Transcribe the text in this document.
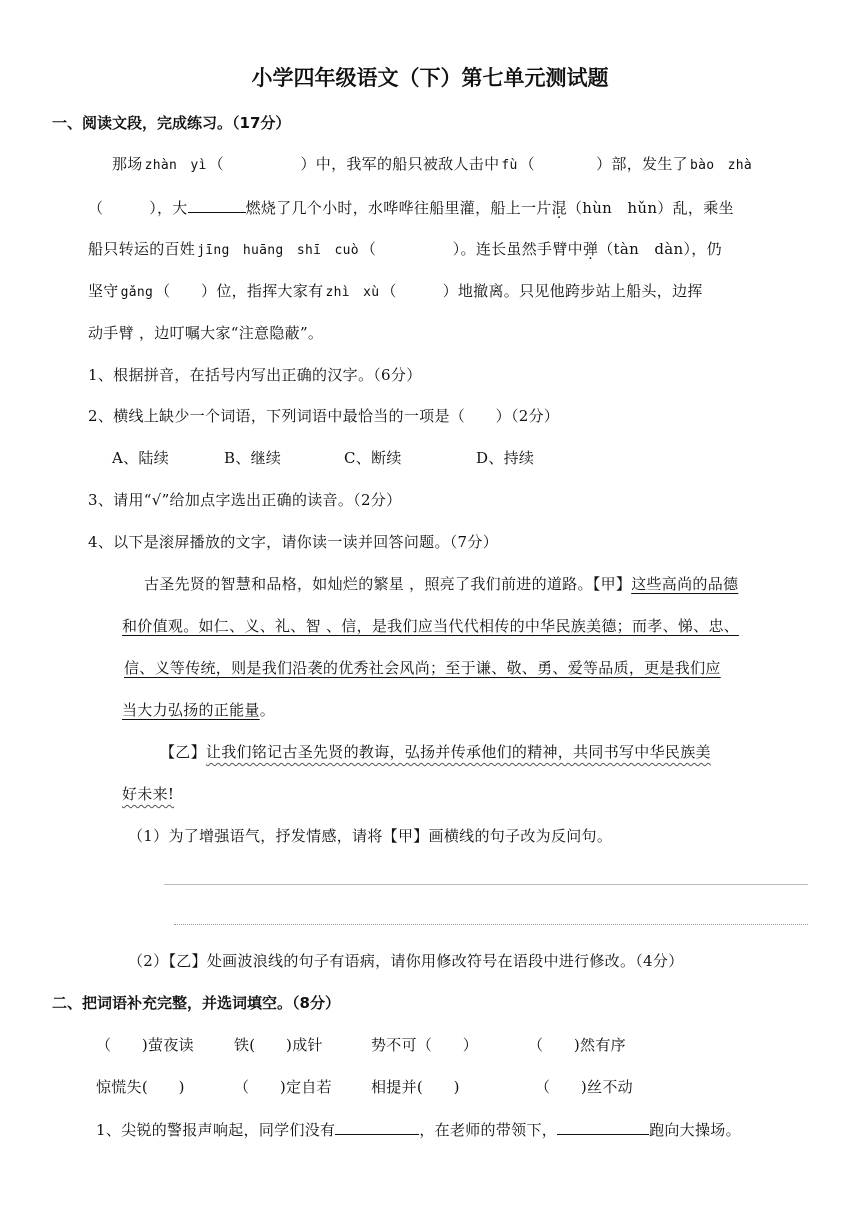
小学四年级语文（下）第七单元测试题
一、阅读文段，完成练习。（17分）
那场 zhàn　yì （　　　　　）中，我军的船只被敌人击中 fù （　　　　）部，发生了 bào　zhà
（　　　），大	燃烧了几个小时，水哗哗往船里灌，船上一片混（hùn　hǔn）乱，乘坐
船只转运的百姓 jīng　huāng　shī　cuò （　　　　　）。连长虽然手臂中弹（tàn　dàn），仍
坚守 gǎng （　　）位，指挥大家有 zhì　xù （　　　）地撤离。只见他跨步站上船头，边挥
动手臂 ，边叮嘱大家“注意隐蔽”。
1、根据拼音，在括号内写出正确的汉字。（6分）
2、横线上缺少一个词语，下列词语中最恰当的一项是（　　）（2分）
A、陆续	B、继续	C、断续	D、持续
3、请用“√”给加点字选出正确的读音。（2分）
4、以下是滚屏播放的文字，请你读一读并回答问题。（7分）
古圣先贤的智慧和品格，如灿烂的繁星 ，照亮了我们前进的道路。【甲】这些高尚的品德
和价值观。如仁、义、礼、智 、信，是我们应当代代相传的中华民族美德；而孝、悌、忠、
信、义等传统，则是我们沿袭的优秀社会风尚；至于谦、敬、勇、爱等品质，更是我们应
当大力弘扬的正能量。
【乙】让我们铭记古圣先贤的教诲，弘扬并传承他们的精神，共同书写中华民族美
好未来!
（1）为了增强语气，抒发情感，请将【甲】画横线的句子改为反问句。
（2）【乙】处画波浪线的句子有语病，请你用修改符号在语段中进行修改。（4分）
二、把词语补充完整，并选词填空。（8分）
（　　)萤夜读	铁(　　)成针	势不可（　　）	（　　)然有序
惊慌失(　　)	（　　)定自若	相提并(　　)	（　　)丝不动
1、尖锐的警报声响起，同学们没有	，在老师的带领下，	跑向大操场。
